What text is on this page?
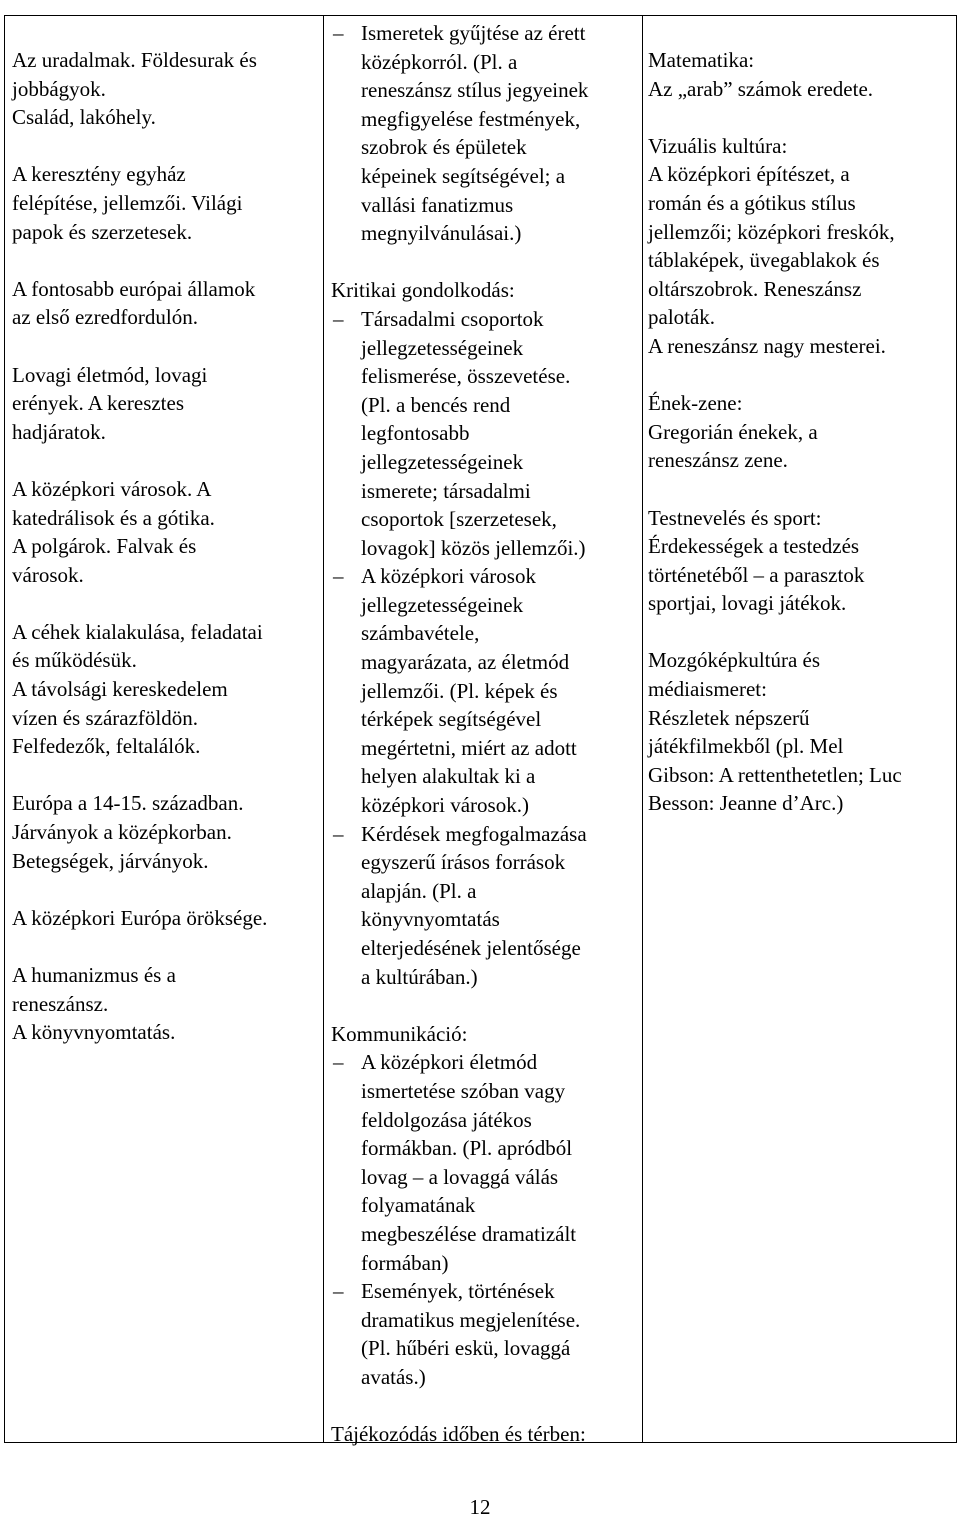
Az uradalmak. Földesurak és

jobbágyok.

Család, lakóhely.

A keresztény egyház

felépítése, jellemzői. Világi

papok és szerzetesek.

A fontosabb európai államok

az első ezredfordulón.

Lovagi életmód, lovagi

erények. A keresztes

hadjáratok.

A középkori városok. A

katedrálisok és a gótika.

A polgárok. Falvak és

városok.

A céhek kialakulása, feladatai

és működésük.

A távolsági kereskedelem

vízen és szárazföldön.

Felfedezők, feltalálók.

Európa a 14-15. században.

Járványok a középkorban.

Betegségek, járványok.

A középkori Európa öröksége.

A humanizmus és a

reneszánsz.

A könyvnyomtatás.

– Ismeretek gyűjtése az érett
középkorról. (Pl. a
reneszánsz stílus jegyeinek
megfigyelése festmények,
szobrok és épületek
képeinek segítségével; a
vallási fanatizmus
megnyilvánulásai.)

Kritikai gondolkodás:

– Társadalmi csoportok
jellegzetességeinek
felismerése, összevetése.
(Pl. a bencés rend
legfontosabb
jellegzetességeinek
ismerete; társadalmi
csoportok [szerzetesek,
lovagok] közös jellemzői.)
– A középkori városok
jellegzetességeinek
számbavétele,
magyarázata, az életmód
jellemzői. (Pl. képek és
térképek segítségével
megértetni, miért az adott
helyen alakultak ki a
középkori városok.)
– Kérdések megfogalmazása
egyszerű írásos források
alapján. (Pl. a
könyvnyomtatás
elterjedésének jelentősége
a kultúrában.)

Kommunikáció:

– A középkori életmód
ismertetése szóban vagy
feldolgozása játékos
formákban. (Pl. apródból
lovag – a lovaggá válás
folyamatának
megbeszélése dramatizált
formában)
– Események, történések
dramatikus megjelenítése.
(Pl. hűbéri eskü, lovaggá
avatás.)

Tájékozódás időben és térben:

Matematika:

Az „arab” számok eredete.

Vizuális kultúra:

A középkori építészet, a

román és a gótikus stílus

jellemzői; középkori freskók,

táblaképek, üvegablakok és

oltárszobrok. Reneszánsz

paloták.

A reneszánsz nagy mesterei.

Ének-zene:

Gregorián énekek, a

reneszánsz zene.

Testnevelés és sport:

Érdekességek a testedzés

történetéből – a parasztok

sportjai, lovagi játékok.

Mozgóképkultúra és

médiaismeret:

Részletek népszerű

játékfilmekből (pl. Mel

Gibson: A rettenthetetlen; Luc

Besson: Jeanne d’Arc.)

12
